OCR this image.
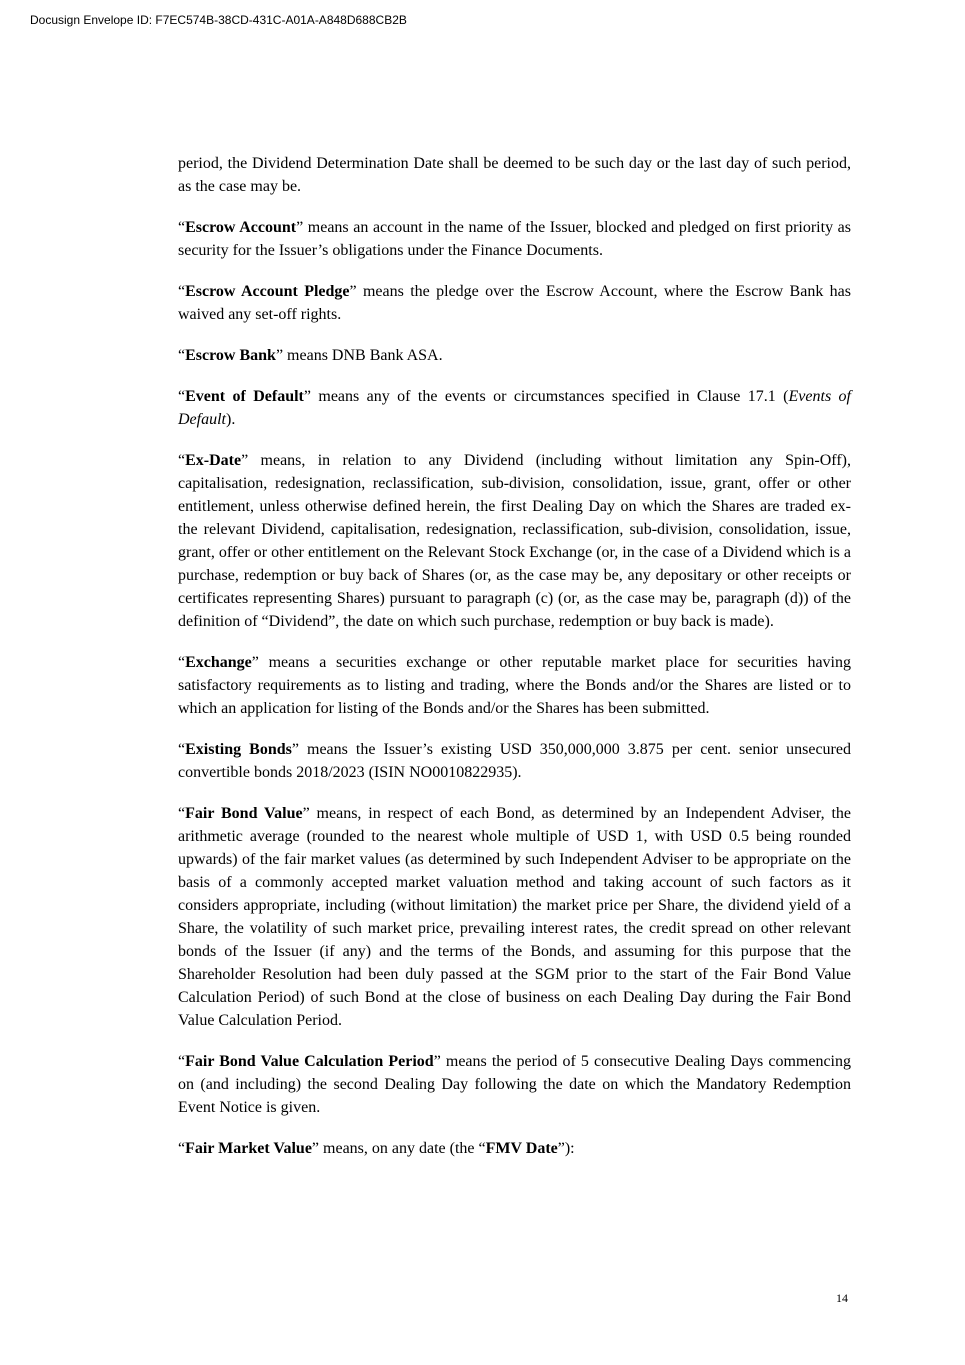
Docusign Envelope ID: F7EC574B-38CD-431C-A01A-A848D688CB2B

period, the Dividend Determination Date shall be deemed to be such day or the last day of such period, as the case may be.

“Escrow Account” means an account in the name of the Issuer, blocked and pledged on first priority as security for the Issuer’s obligations under the Finance Documents.

“Escrow Account Pledge” means the pledge over the Escrow Account, where the Escrow Bank has waived any set-off rights.

“Escrow Bank” means DNB Bank ASA.

“Event of Default” means any of the events or circumstances specified in Clause 17.1 (Events of Default).

“Ex-Date” means, in relation to any Dividend (including without limitation any Spin-Off), capitalisation, redesignation, reclassification, sub-division, consolidation, issue, grant, offer or other entitlement, unless otherwise defined herein, the first Dealing Day on which the Shares are traded ex- the relevant Dividend, capitalisation, redesignation, reclassification, sub-division, consolidation, issue, grant, offer or other entitlement on the Relevant Stock Exchange (or, in the case of a Dividend which is a purchase, redemption or buy back of Shares (or, as the case may be, any depositary or other receipts or certificates representing Shares) pursuant to paragraph (c) (or, as the case may be, paragraph (d)) of the definition of “Dividend”, the date on which such purchase, redemption or buy back is made).

“Exchange” means a securities exchange or other reputable market place for securities having satisfactory requirements as to listing and trading, where the Bonds and/or the Shares are listed or to which an application for listing of the Bonds and/or the Shares has been submitted.

“Existing Bonds” means the Issuer’s existing USD 350,000,000 3.875 per cent. senior unsecured convertible bonds 2018/2023 (ISIN NO0010822935).

“Fair Bond Value” means, in respect of each Bond, as determined by an Independent Adviser, the arithmetic average (rounded to the nearest whole multiple of USD 1, with USD 0.5 being rounded upwards) of the fair market values (as determined by such Independent Adviser to be appropriate on the basis of a commonly accepted market valuation method and taking account of such factors as it considers appropriate, including (without limitation) the market price per Share, the dividend yield of a Share, the volatility of such market price, prevailing interest rates, the credit spread on other relevant bonds of the Issuer (if any) and the terms of the Bonds, and assuming for this purpose that the Shareholder Resolution had been duly passed at the SGM prior to the start of the Fair Bond Value Calculation Period) of such Bond at the close of business on each Dealing Day during the Fair Bond Value Calculation Period.

“Fair Bond Value Calculation Period” means the period of 5 consecutive Dealing Days commencing on (and including) the second Dealing Day following the date on which the Mandatory Redemption Event Notice is given.

“Fair Market Value” means, on any date (the “FMV Date”):

14
